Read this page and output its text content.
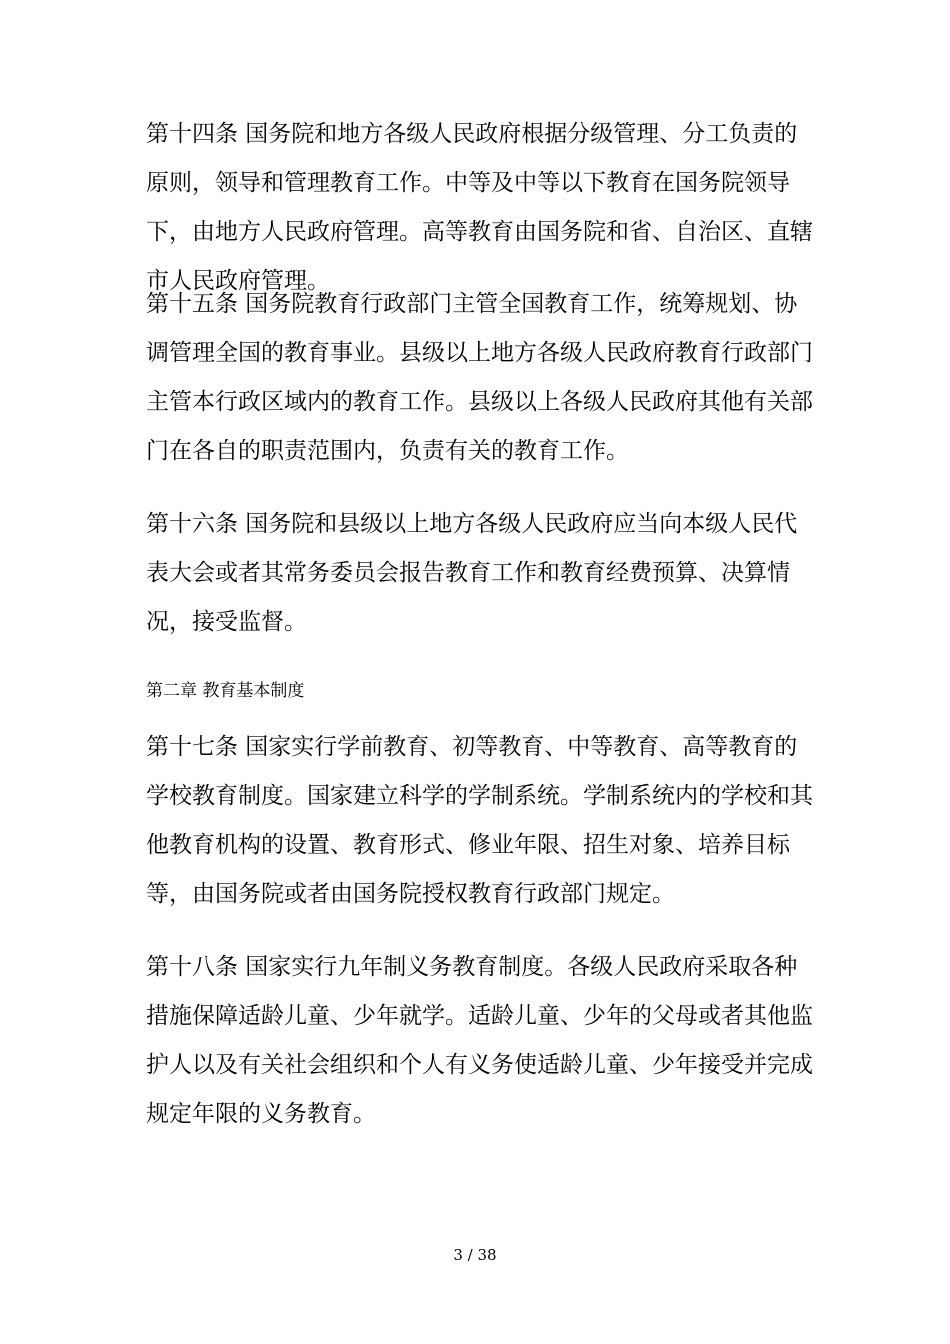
第十四条 国务院和地方各级人民政府根据分级管理、分工负责的原则，领导和管理教育工作。中等及中等以下教育在国务院领导下，由地方人民政府管理。高等教育由国务院和省、自治区、直辖市人民政府管理。

第十五条 国务院教育行政部门主管全国教育工作，统筹规划、协调管理全国的教育事业。县级以上地方各级人民政府教育行政部门主管本行政区域内的教育工作。县级以上各级人民政府其他有关部门在各自的职责范围内，负责有关的教育工作。

第十六条 国务院和县级以上地方各级人民政府应当向本级人民代表大会或者其常务委员会报告教育工作和教育经费预算、决算情况，接受监督。

第二章 教育基本制度

第十七条 国家实行学前教育、初等教育、中等教育、高等教育的学校教育制度。国家建立科学的学制系统。学制系统内的学校和其他教育机构的设置、教育形式、修业年限、招生对象、培养目标等，由国务院或者由国务院授权教育行政部门规定。

第十八条 国家实行九年制义务教育制度。各级人民政府采取各种措施保障适龄儿童、少年就学。适龄儿童、少年的父母或者其他监护人以及有关社会组织和个人有义务使适龄儿童、少年接受并完成规定年限的义务教育。

3 / 38
